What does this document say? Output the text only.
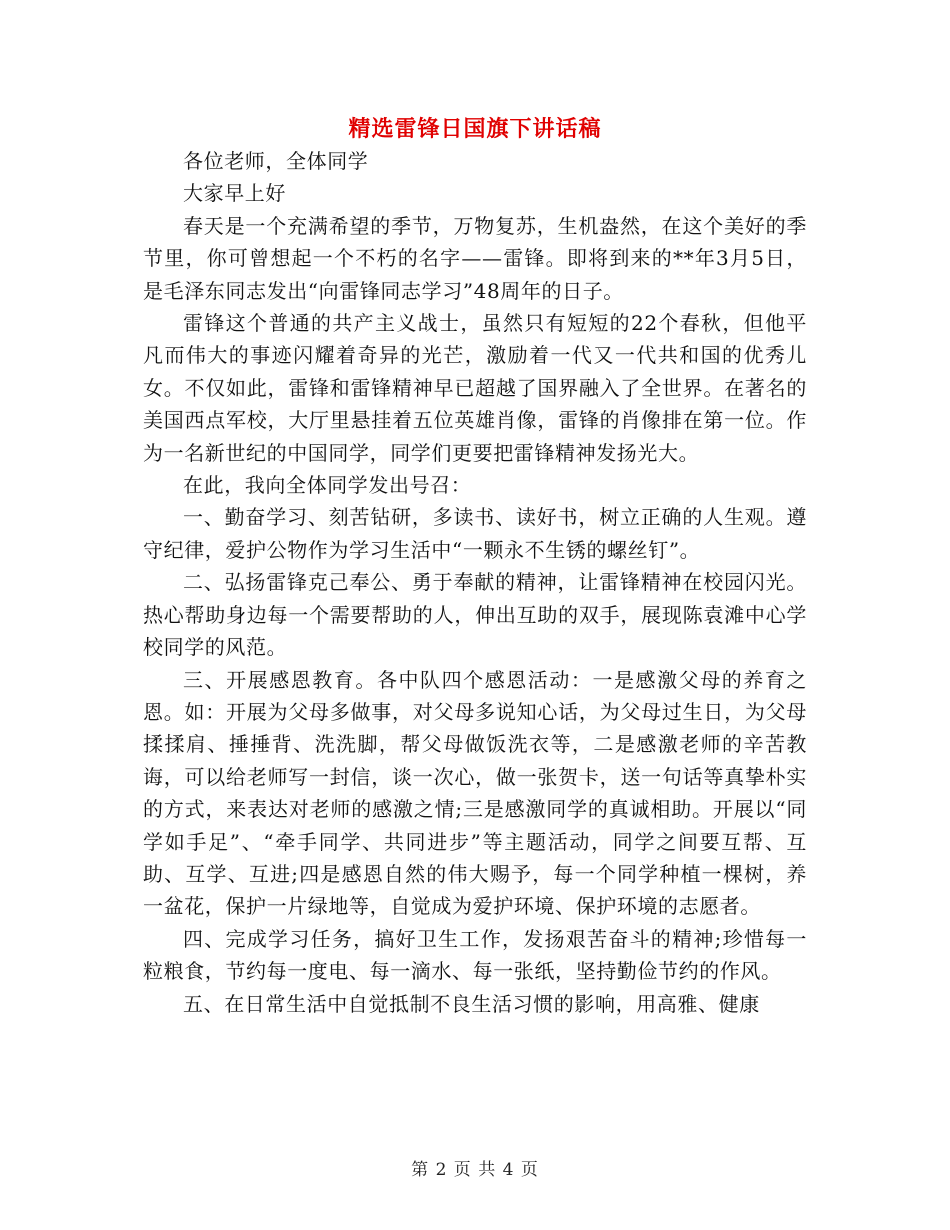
精选雷锋日国旗下讲话稿

各位老师，全体同学

大家早上好

春天是一个充满希望的季节，万物复苏，生机盎然，在这个美好的季节里，你可曾想起一个不朽的名字——雷锋。即将到来的**年3月5日，是毛泽东同志发出“向雷锋同志学习”48周年的日子。

雷锋这个普通的共产主义战士，虽然只有短短的22个春秋，但他平凡而伟大的事迹闪耀着奇异的光芒，激励着一代又一代共和国的优秀儿女。不仅如此，雷锋和雷锋精神早已超越了国界融入了全世界。在著名的美国西点军校，大厅里悬挂着五位英雄肖像，雷锋的肖像排在第一位。作为一名新世纪的中国同学，同学们更要把雷锋精神发扬光大。

在此，我向全体同学发出号召：

一、勤奋学习、刻苦钻研，多读书、读好书，树立正确的人生观。遵守纪律，爱护公物作为学习生活中“一颗永不生锈的螺丝钉”。

二、弘扬雷锋克己奉公、勇于奉献的精神，让雷锋精神在校园闪光。热心帮助身边每一个需要帮助的人，伸出互助的双手，展现陈袁滩中心学校同学的风范。

三、开展感恩教育。各中队四个感恩活动：一是感激父母的养育之恩。如：开展为父母多做事，对父母多说知心话，为父母过生日，为父母揉揉肩、捶捶背、洗洗脚，帮父母做饭洗衣等，二是感激老师的辛苦教诲，可以给老师写一封信，谈一次心，做一张贺卡，送一句话等真挚朴实的方式，来表达对老师的感激之情;三是感激同学的真诚相助。开展以“同学如手足”、“牵手同学、共同进步”等主题活动，同学之间要互帮、互助、互学、互进;四是感恩自然的伟大赐予，每一个同学种植一棵树，养一盆花，保护一片绿地等，自觉成为爱护环境、保护环境的志愿者。

四、完成学习任务，搞好卫生工作，发扬艰苦奋斗的精神;珍惜每一粒粮食，节约每一度电、每一滴水、每一张纸，坚持勤俭节约的作风。

五、在日常生活中自觉抵制不良生活习惯的影响，用高雅、健康

第 2 页 共 4 页
